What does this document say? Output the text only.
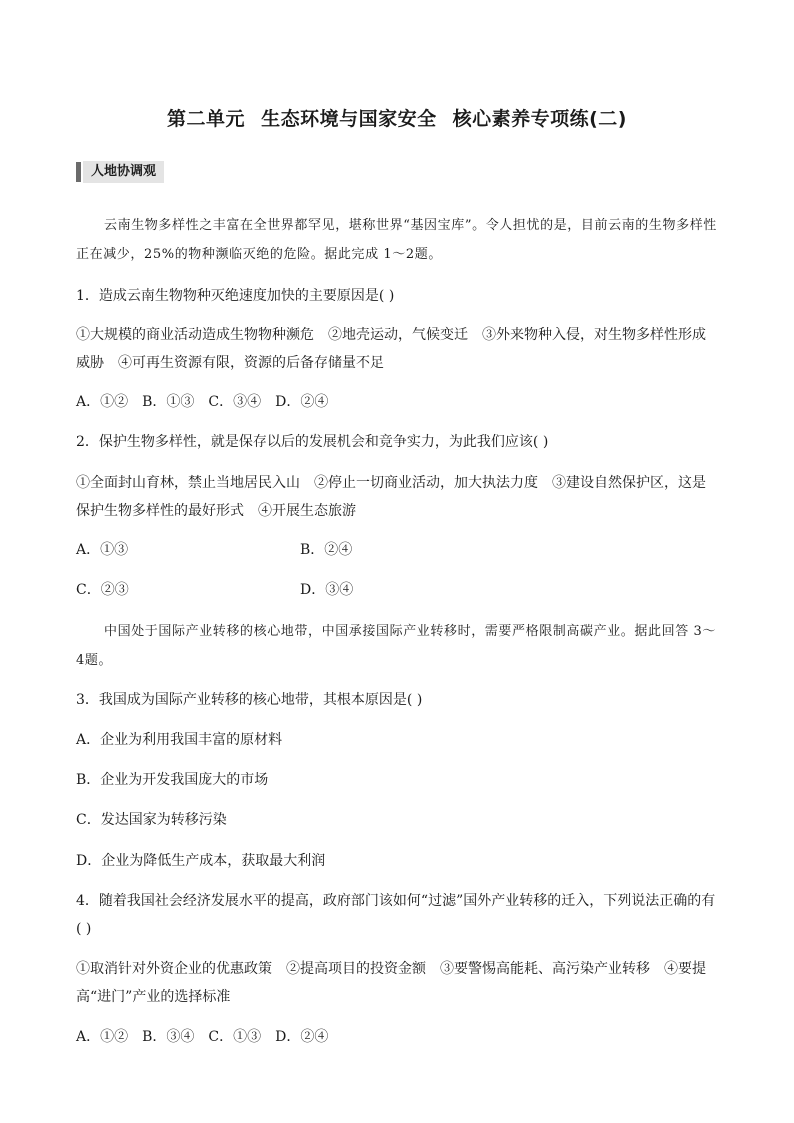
第二单元 生态环境与国家安全 核心素养专项练(二)
人地协调观
云南生物多样性之丰富在全世界都罕见，堪称世界“基因宝库”。令人担忧的是，目前云南的生物多样性正在减少，25%的物种濒临灭绝的危险。据此完成 1～2题。
1．造成云南生物物种灭绝速度加快的主要原因是( )
①大规模的商业活动造成生物物种濒危　②地壳运动，气候变迁　③外来物种入侵，对生物多样性形成威胁　④可再生资源有限，资源的后备存储量不足
A．①②　B．①③　C．③④　D．②④
2．保护生物多样性，就是保存以后的发展机会和竞争实力，为此我们应该( )
①全面封山育林，禁止当地居民入山　②停止一切商业活动，加大执法力度　③建设自然保护区，这是保护生物多样性的最好形式　④开展生态旅游
A．①③	B．②④
C．②③	D．③④
中国处于国际产业转移的核心地带，中国承接国际产业转移时，需要严格限制高碳产业。据此回答 3～4题。
3．我国成为国际产业转移的核心地带，其根本原因是( )
A．企业为利用我国丰富的原材料
B．企业为开发我国庞大的市场
C．发达国家为转移污染
D．企业为降低生产成本，获取最大利润
4．随着我国社会经济发展水平的提高，政府部门该如何“过滤”国外产业转移的迁入，下列说法正确的有( )
①取消针对外资企业的优惠政策　②提高项目的投资金额　③要警惕高能耗、高污染产业转移　④要提高“进门”产业的选择标准
A．①②　B．③④　C．①③　D．②④
